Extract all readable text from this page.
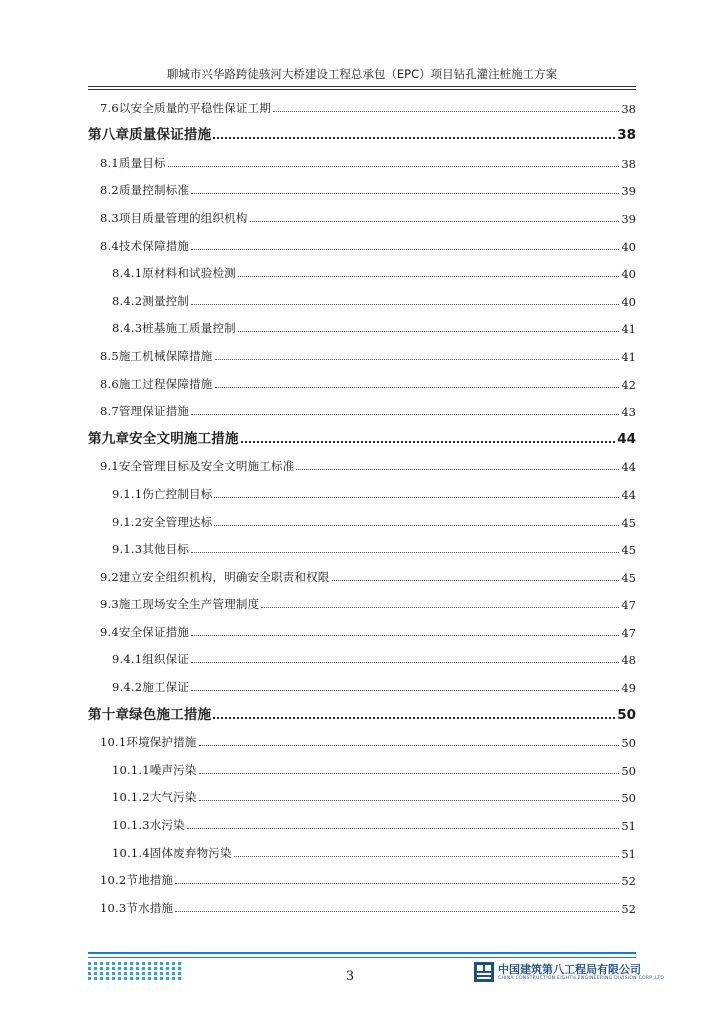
聊城市兴华路跨徒骇河大桥建设工程总承包（EPC）项目钻孔灌注桩施工方案
7.6以安全质量的平稳性保证工期	38
第八章质量保证措施	38
8.1质量目标	38
8.2质量控制标准	39
8.3项目质量管理的组织机构	39
8.4技术保障措施	40
8.4.1原材料和试验检测	40
8.4.2测量控制	40
8.4.3桩基施工质量控制	41
8.5施工机械保障措施	41
8.6施工过程保障措施	42
8.7管理保证措施	43
第九章安全文明施工措施	44
9.1安全管理目标及安全文明施工标准	44
9.1.1伤亡控制目标	44
9.1.2安全管理达标	45
9.1.3其他目标	45
9.2建立安全组织机构，明确安全职责和权限	45
9.3施工现场安全生产管理制度	47
9.4安全保证措施	47
9.4.1组织保证	48
9.4.2施工保证	49
第十章绿色施工措施	50
10.1环境保护措施	50
10.1.1噪声污染	50
10.1.2大气污染	50
10.1.3水污染	51
10.1.4固体废弃物污染	51
10.2节地措施	52
10.3节水措施	52
3	中国建筑第八工程局有限公司
CHINA CONSTRUCTION EIGHTH ENGINEERING DIVISION CORP.,LTD
